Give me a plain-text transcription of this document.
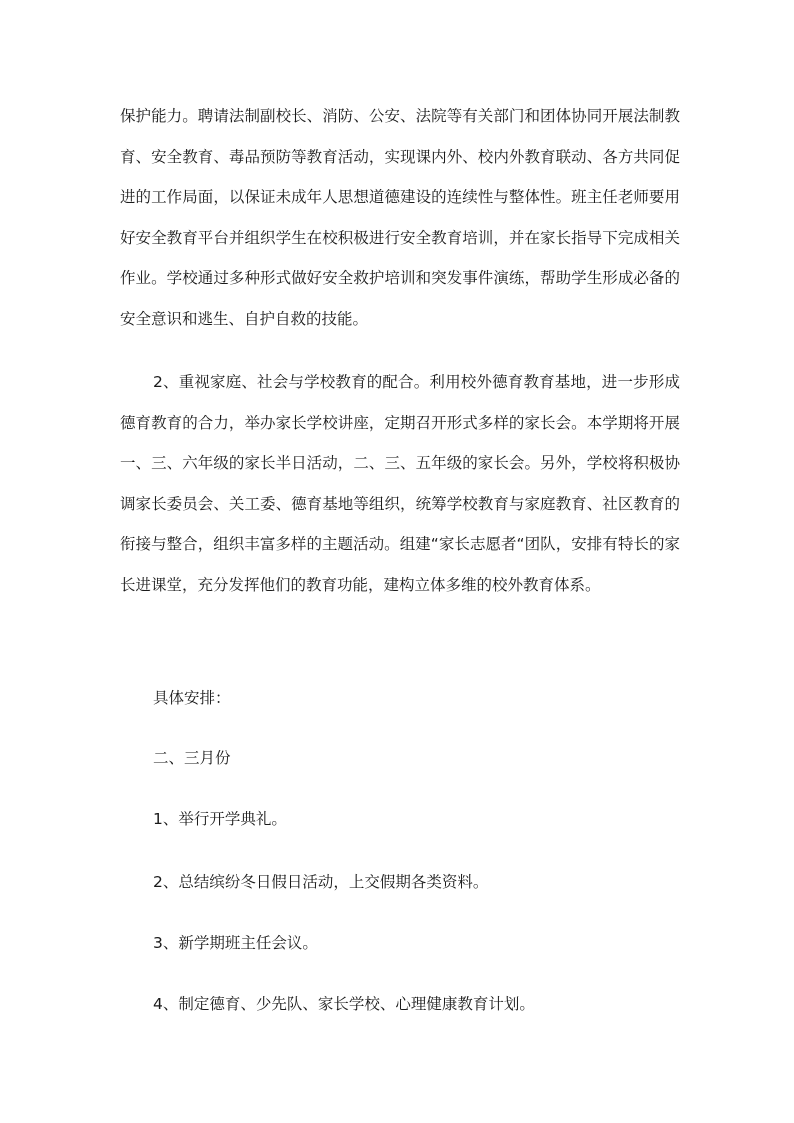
保护能力。聘请法制副校长、消防、公安、法院等有关部门和团体协同开展法制教育、安全教育、毒品预防等教育活动，实现课内外、校内外教育联动、各方共同促进的工作局面，以保证未成年人思想道德建设的连续性与整体性。班主任老师要用好安全教育平台并组织学生在校积极进行安全教育培训，并在家长指导下完成相关作业。学校通过多种形式做好安全救护培训和突发事件演练，帮助学生形成必备的安全意识和逃生、自护自救的技能。

2、重视家庭、社会与学校教育的配合。利用校外德育教育基地，进一步形成德育教育的合力，举办家长学校讲座，定期召开形式多样的家长会。本学期将开展一、三、六年级的家长半日活动，二、三、五年级的家长会。另外，学校将积极协调家长委员会、关工委、德育基地等组织，统筹学校教育与家庭教育、社区教育的衔接与整合，组织丰富多样的主题活动。组建“家长志愿者“团队，安排有特长的家长进课堂，充分发挥他们的教育功能，建构立体多维的校外教育体系。

具体安排：

二、三月份

1、举行开学典礼。

2、总结缤纷冬日假日活动，上交假期各类资料。

3、新学期班主任会议。

4、制定德育、少先队、家长学校、心理健康教育计划。
